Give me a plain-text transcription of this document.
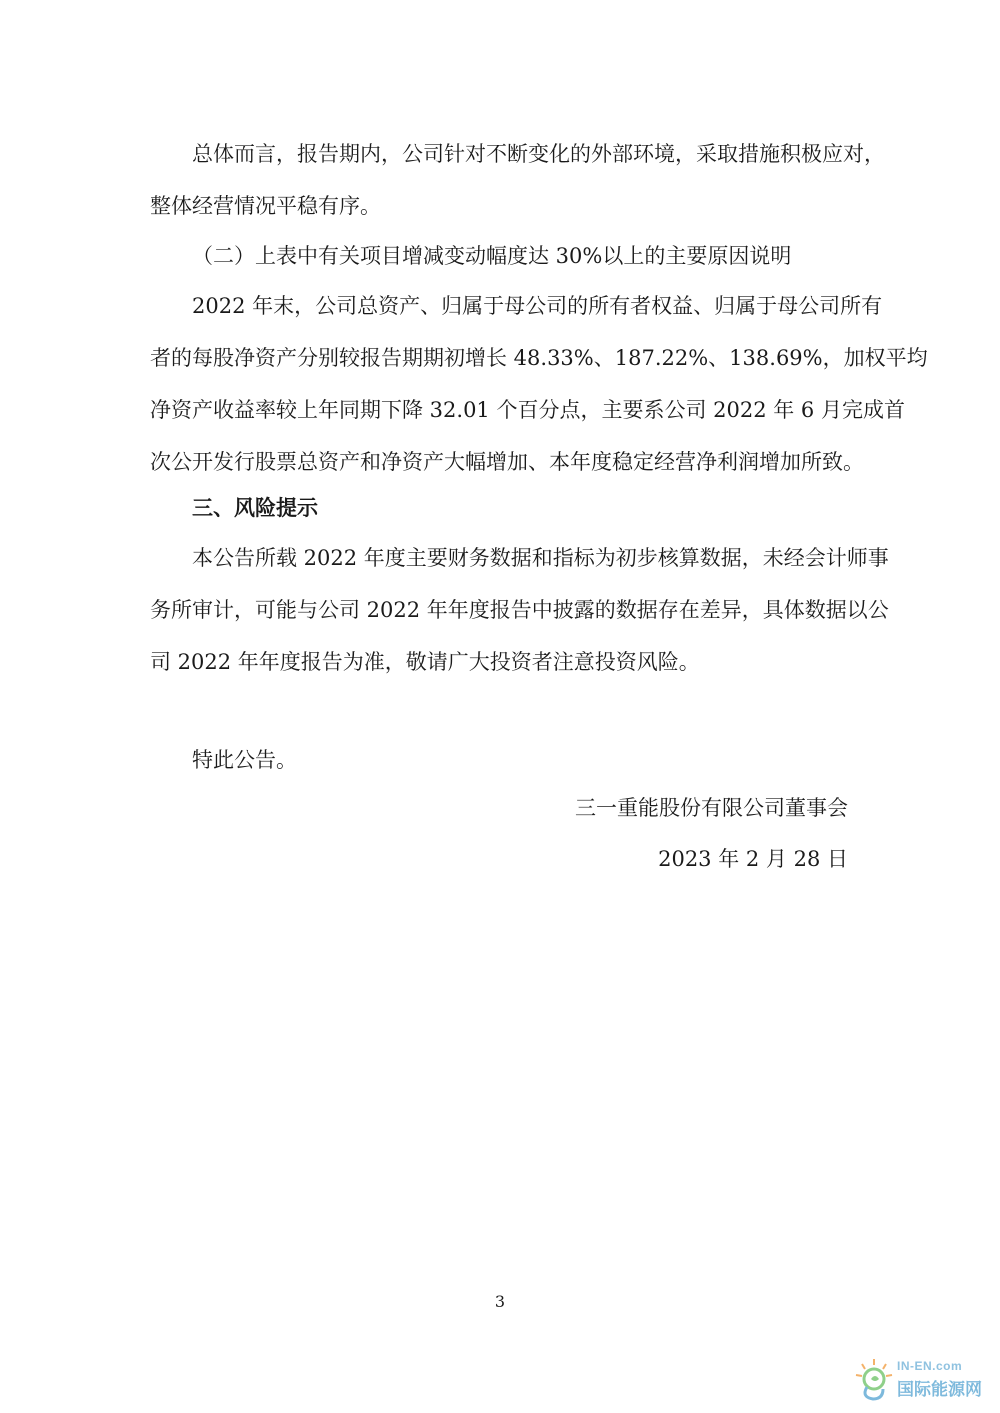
总体而言，报告期内，公司针对不断变化的外部环境，采取措施积极应对，
整体经营情况平稳有序。
（二）上表中有关项目增减变动幅度达 30%以上的主要原因说明
2022 年末，公司总资产、归属于母公司的所有者权益、归属于母公司所有
者的每股净资产分别较报告期期初增长 48.33%、187.22%、138.69%，加权平均
净资产收益率较上年同期下降 32.01 个百分点，主要系公司 2022 年 6 月完成首
次公开发行股票总资产和净资产大幅增加、本年度稳定经营净利润增加所致。
三、风险提示
本公告所载 2022 年度主要财务数据和指标为初步核算数据，未经会计师事
务所审计，可能与公司 2022 年年度报告中披露的数据存在差异，具体数据以公
司 2022 年年度报告为准，敬请广大投资者注意投资风险。
特此公告。
三一重能股份有限公司董事会
2023 年 2 月 28 日
3
IN-EN.com
国际能源网
